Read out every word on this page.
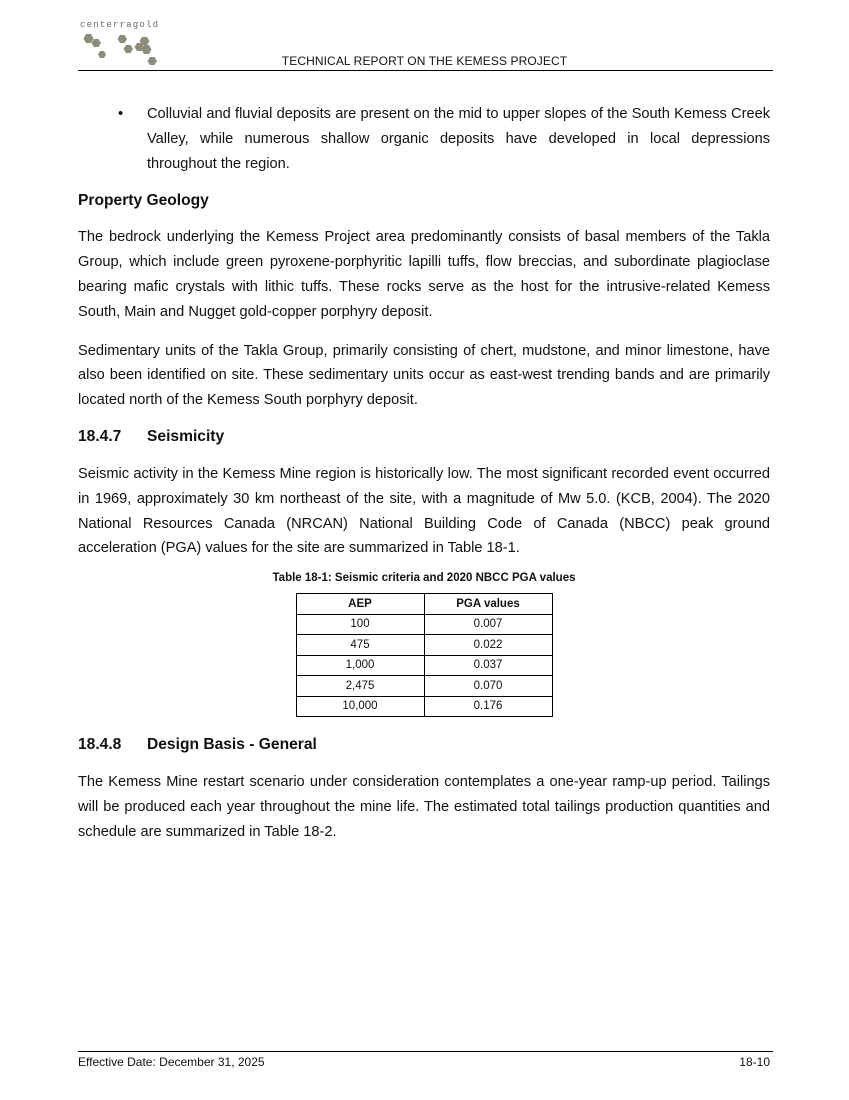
centerragold
TECHNICAL REPORT ON THE KEMESS PROJECT
• Colluvial and fluvial deposits are present on the mid to upper slopes of the South Kemess Creek Valley, while numerous shallow organic deposits have developed in local depressions throughout the region.

Property Geology

The bedrock underlying the Kemess Project area predominantly consists of basal members of the Takla Group, which include green pyroxene-porphyritic lapilli tuffs, flow breccias, and subordinate plagioclase bearing mafic crystals with lithic tuffs. These rocks serve as the host for the intrusive-related Kemess South, Main and Nugget gold-copper porphyry deposit.

Sedimentary units of the Takla Group, primarily consisting of chert, mudstone, and minor limestone, have also been identified on site. These sedimentary units occur as east-west trending bands and are primarily located north of the Kemess South porphyry deposit.

18.4.7 Seismicity

Seismic activity in the Kemess Mine region is historically low. The most significant recorded event occurred in 1969, approximately 30 km northeast of the site, with a magnitude of Mw 5.0. (KCB, 2004). The 2020 National Resources Canada (NRCAN) National Building Code of Canada (NBCC) peak ground acceleration (PGA) values for the site are summarized in Table 18-1.

Table 18-1: Seismic criteria and 2020 NBCC PGA values
AEP	PGA values
100	0.007
475	0.022
1,000	0.037
2,475	0.070
10,000	0.176
18.4.8 Design Basis - General

The Kemess Mine restart scenario under consideration contemplates a one-year ramp-up period. Tailings will be produced each year throughout the mine life. The estimated total tailings production quantities and schedule are summarized in Table 18-2.

Effective Date: December 31, 2025	18-10
